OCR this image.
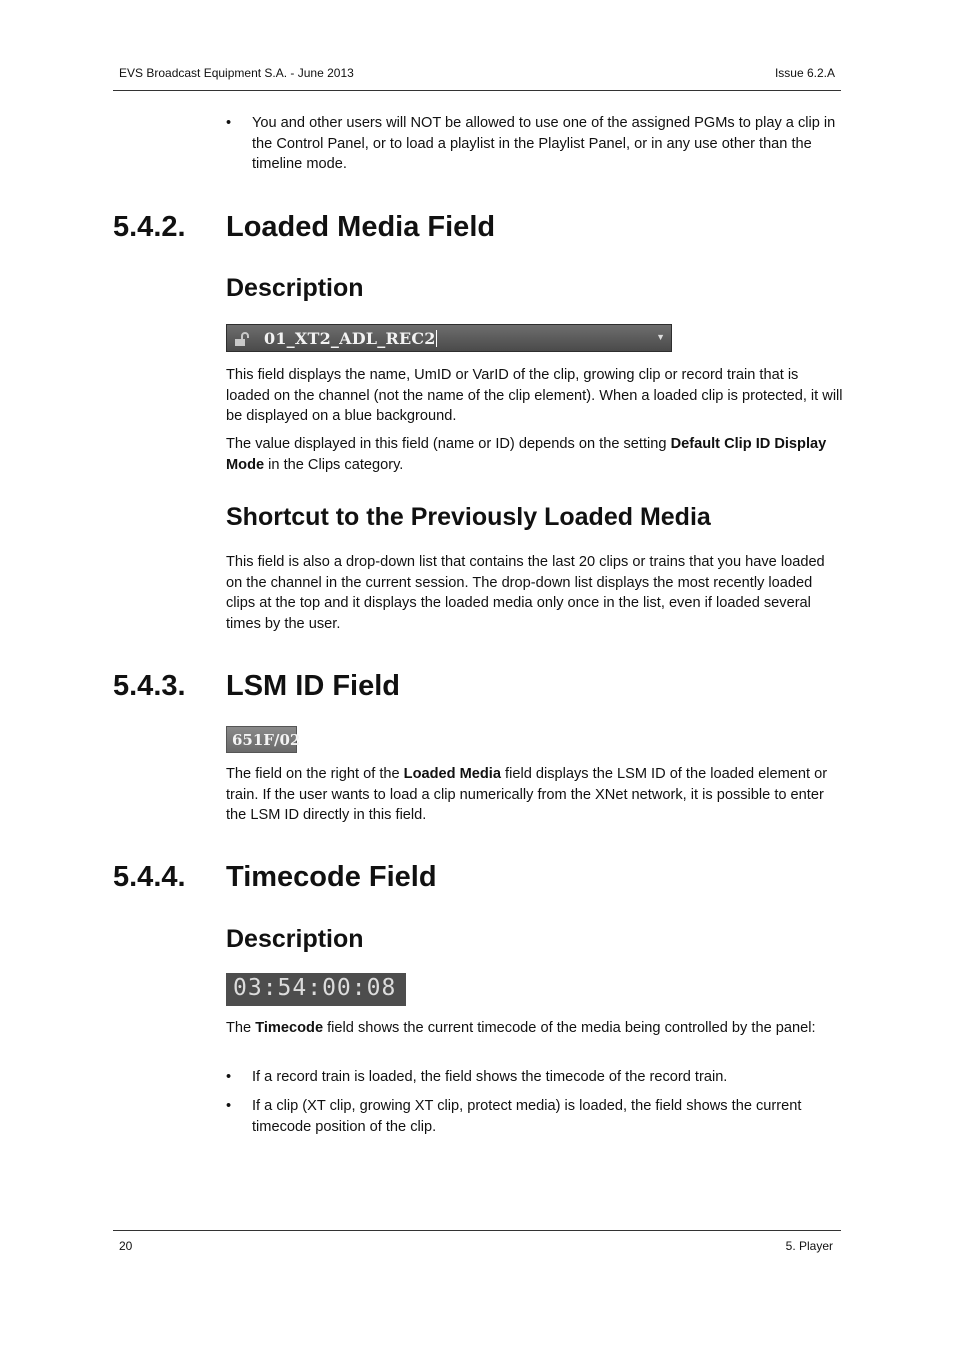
EVS Broadcast Equipment S.A. - June 2013	Issue 6.2.A
• You and other users will NOT be allowed to use one of the assigned PGMs to play a clip in the Control Panel, or to load a playlist in the Playlist Panel, or in any use other than the timeline mode.
5.4.2. Loaded Media Field
Description
01_XT2_ADL_REC2	▼

This field displays the name, UmID or VarID of the clip, growing clip or record train that is loaded on the channel (not the name of the clip element). When a loaded clip is protected, it will be displayed on a blue background.

The value displayed in this field (name or ID) depends on the setting Default Clip ID Display Mode in the Clips category.

Shortcut to the Previously Loaded Media

This field is also a drop-down list that contains the last 20 clips or trains that you have loaded on the channel in the current session. The drop-down list displays the most recently loaded clips at the top and it displays the loaded media only once in the list, even if loaded several times by the user.

5.4.3. LSM ID Field
651F/02

The field on the right of the Loaded Media field displays the LSM ID of the loaded element or train. If the user wants to load a clip numerically from the XNet network, it is possible to enter the LSM ID directly in this field.

5.4.4. Timecode Field
Description
03:54:00:08

The Timecode field shows the current timecode of the media being controlled by the panel:

• If a record train is loaded, the field shows the timecode of the record train.
• If a clip (XT clip, growing XT clip, protect media) is loaded, the field shows the current timecode position of the clip.
20	5. Player
